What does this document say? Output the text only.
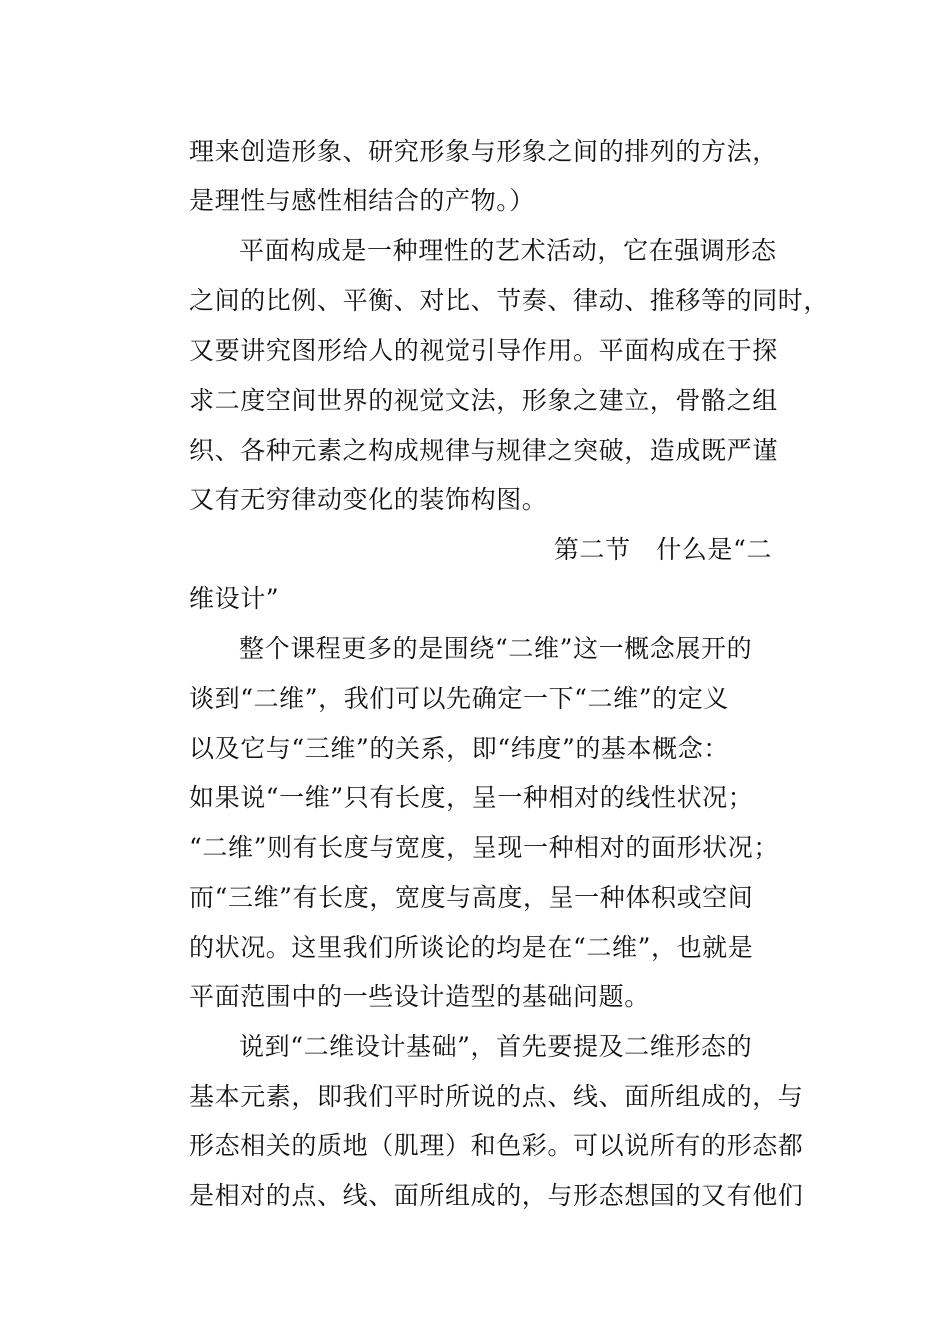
理来创造形象、研究形象与形象之间的排列的方法，
是理性与感性相结合的产物。）
平面构成是一种理性的艺术活动，它在强调形态
之间的比例、平衡、对比、节奏、律动、推移等的同时，
又要讲究图形给人的视觉引导作用。平面构成在于探
求二度空间世界的视觉文法，形象之建立，骨骼之组
织、各种元素之构成规律与规律之突破，造成既严谨
又有无穷律动变化的装饰构图。
第二节　什么是“二
维设计”
整个课程更多的是围绕“二维”这一概念展开的
谈到“二维”，我们可以先确定一下“二维”的定义
以及它与“三维”的关系，即“纬度”的基本概念：
如果说“一维”只有长度，呈一种相对的线性状况；
“二维”则有长度与宽度，呈现一种相对的面形状况；
而“三维”有长度，宽度与高度，呈一种体积或空间
的状况。这里我们所谈论的均是在“二维”，也就是
平面范围中的一些设计造型的基础问题。
说到“二维设计基础”，首先要提及二维形态的
基本元素，即我们平时所说的点、线、面所组成的，与
形态相关的质地（肌理）和色彩。可以说所有的形态都
是相对的点、线、面所组成的，与形态想国的又有他们
